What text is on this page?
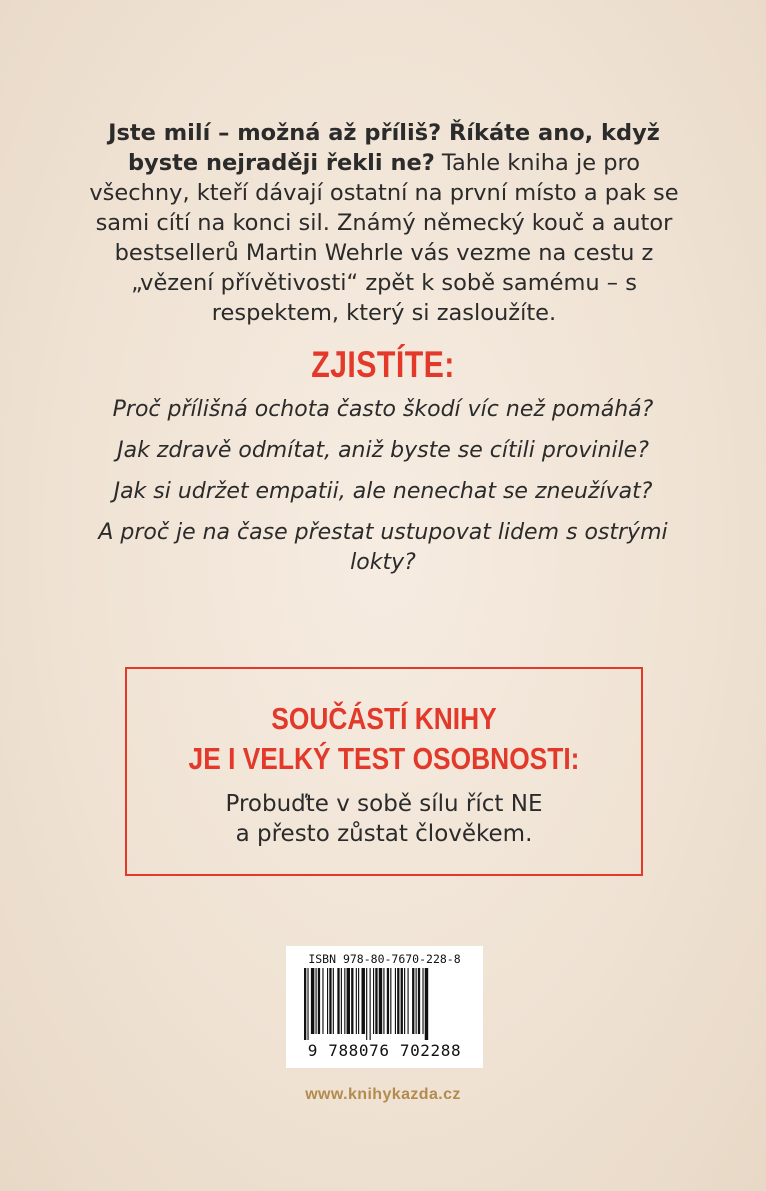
Jste milí – možná až příliš? Říkáte ano, když byste nejraději řekli ne? Tahle kniha je pro všechny, kteří dávají ostatní na první místo a pak se sami cítí na konci sil. Známý německý kouč a autor bestsellerů Martin Wehrle vás vezme na cestu z „vězení přívětivosti“ zpět k sobě samému – s respektem, který si zasloužíte.
ZJISTÍTE:
Proč přílišná ochota často škodí víc než pomáhá?
Jak zdravě odmítat, aniž byste se cítili provinile?
Jak si udržet empatii, ale nenechat se zneužívat?
A proč je na čase přestat ustupovat lidem s ostrými lokty?
SOUČÁSTÍ KNIHY
JE I VELKÝ TEST OSOBNOSTI:
Probuďte v sobě sílu říct NE
a přesto zůstat člověkem.
ISBN 978-80-7670-228-8
9 788076 702288
www.knihykazda.cz
